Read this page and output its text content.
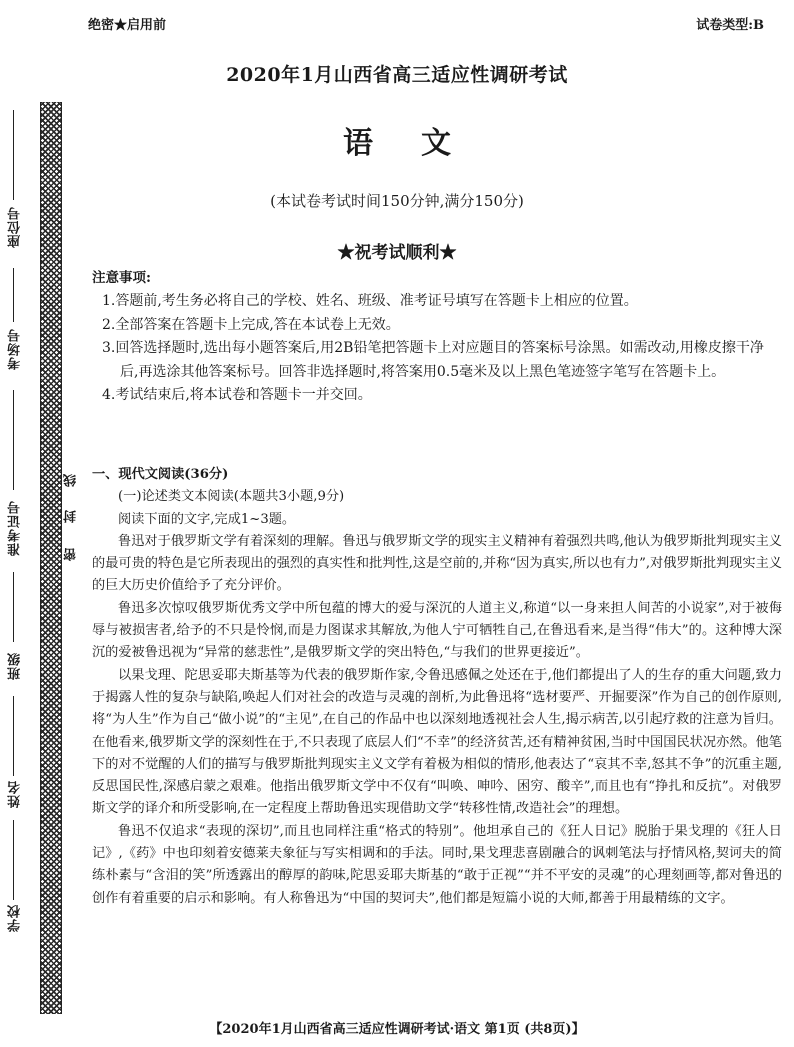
绝密★启用前	试卷类型:B
2020年1月山西省高三适应性调研考试
语文
(本试卷考试时间150分钟,满分150分)
★祝考试顺利★
注意事项:

1.答题前,考生务必将自己的学校、姓名、班级、准考证号填写在答题卡上相应的位置。

2.全部答案在答题卡上完成,答在本试卷上无效。

3.回答选择题时,选出每小题答案后,用2B铅笔把答题卡上对应题目的答案标号涂黑。如需改动,用橡皮擦干净后,再选涂其他答案标号。回答非选择题时,将答案用0.5毫米及以上黑色笔迹签字笔写在答题卡上。

4.考试结束后,将本试卷和答题卡一并交回。

一、现代文阅读(36分)

(一)论述类文本阅读(本题共3小题,9分)

阅读下面的文字,完成1~3题。

鲁迅对于俄罗斯文学有着深刻的理解。鲁迅与俄罗斯文学的现实主义精神有着强烈共鸣,他认为俄罗斯批判现实主义的最可贵的特色是它所表现出的强烈的真实性和批判性,这是空前的,并称“因为真实,所以也有力”,对俄罗斯批判现实主义的巨大历史价值给予了充分评价。

鲁迅多次惊叹俄罗斯优秀文学中所包蕴的博大的爱与深沉的人道主义,称道“以一身来担人间苦的小说家”,对于被侮辱与被损害者,给予的不只是怜悯,而是力图谋求其解放,为他人宁可牺牲自己,在鲁迅看来,是当得“伟大”的。这种博大深沉的爱被鲁迅视为“异常的慈悲性”,是俄罗斯文学的突出特色,“与我们的世界更接近”。

以果戈理、陀思妥耶夫斯基等为代表的俄罗斯作家,令鲁迅感佩之处还在于,他们都提出了人的生存的重大问题,致力于揭露人性的复杂与缺陷,唤起人们对社会的改造与灵魂的剖析,为此鲁迅将“选材要严、开掘要深”作为自己的创作原则,将“为人生”作为自己“做小说”的“主见”,在自己的作品中也以深刻地透视社会人生,揭示病苦,以引起疗救的注意为旨归。在他看来,俄罗斯文学的深刻性在于,不只表现了底层人们“不幸”的经济贫苦,还有精神贫困,当时中国国民状况亦然。他笔下的对不觉醒的人们的描写与俄罗斯批判现实主义文学有着极为相似的情形,他表达了“哀其不幸,怒其不争”的沉重主题,反思国民性,深感启蒙之艰难。他指出俄罗斯文学中不仅有“叫唤、呻吟、困穷、酸辛”,而且也有“挣扎和反抗”。对俄罗斯文学的译介和所受影响,在一定程度上帮助鲁迅实现借助文学“转移性情,改造社会”的理想。

鲁迅不仅追求“表现的深切”,而且也同样注重“格式的特别”。他坦承自己的《狂人日记》脱胎于果戈理的《狂人日记》,《药》中也印刻着安德莱夫象征与写实相调和的手法。同时,果戈理悲喜剧融合的讽刺笔法与抒情风格,契诃夫的简练朴素与“含泪的笑”所透露出的醇厚的韵味,陀思妥耶夫斯基的“敢于正视”“并不平安的灵魂”的心理刻画等,都对鲁迅的创作有着重要的启示和影响。有人称鲁迅为“中国的契诃夫”,他们都是短篇小说的大师,都善于用最精练的文字。

座位号
考场号
准考证号
班级
姓名
学校
线
封
密
【2020年1月山西省高三适应性调研考试·语文 第1页 (共8页)】
